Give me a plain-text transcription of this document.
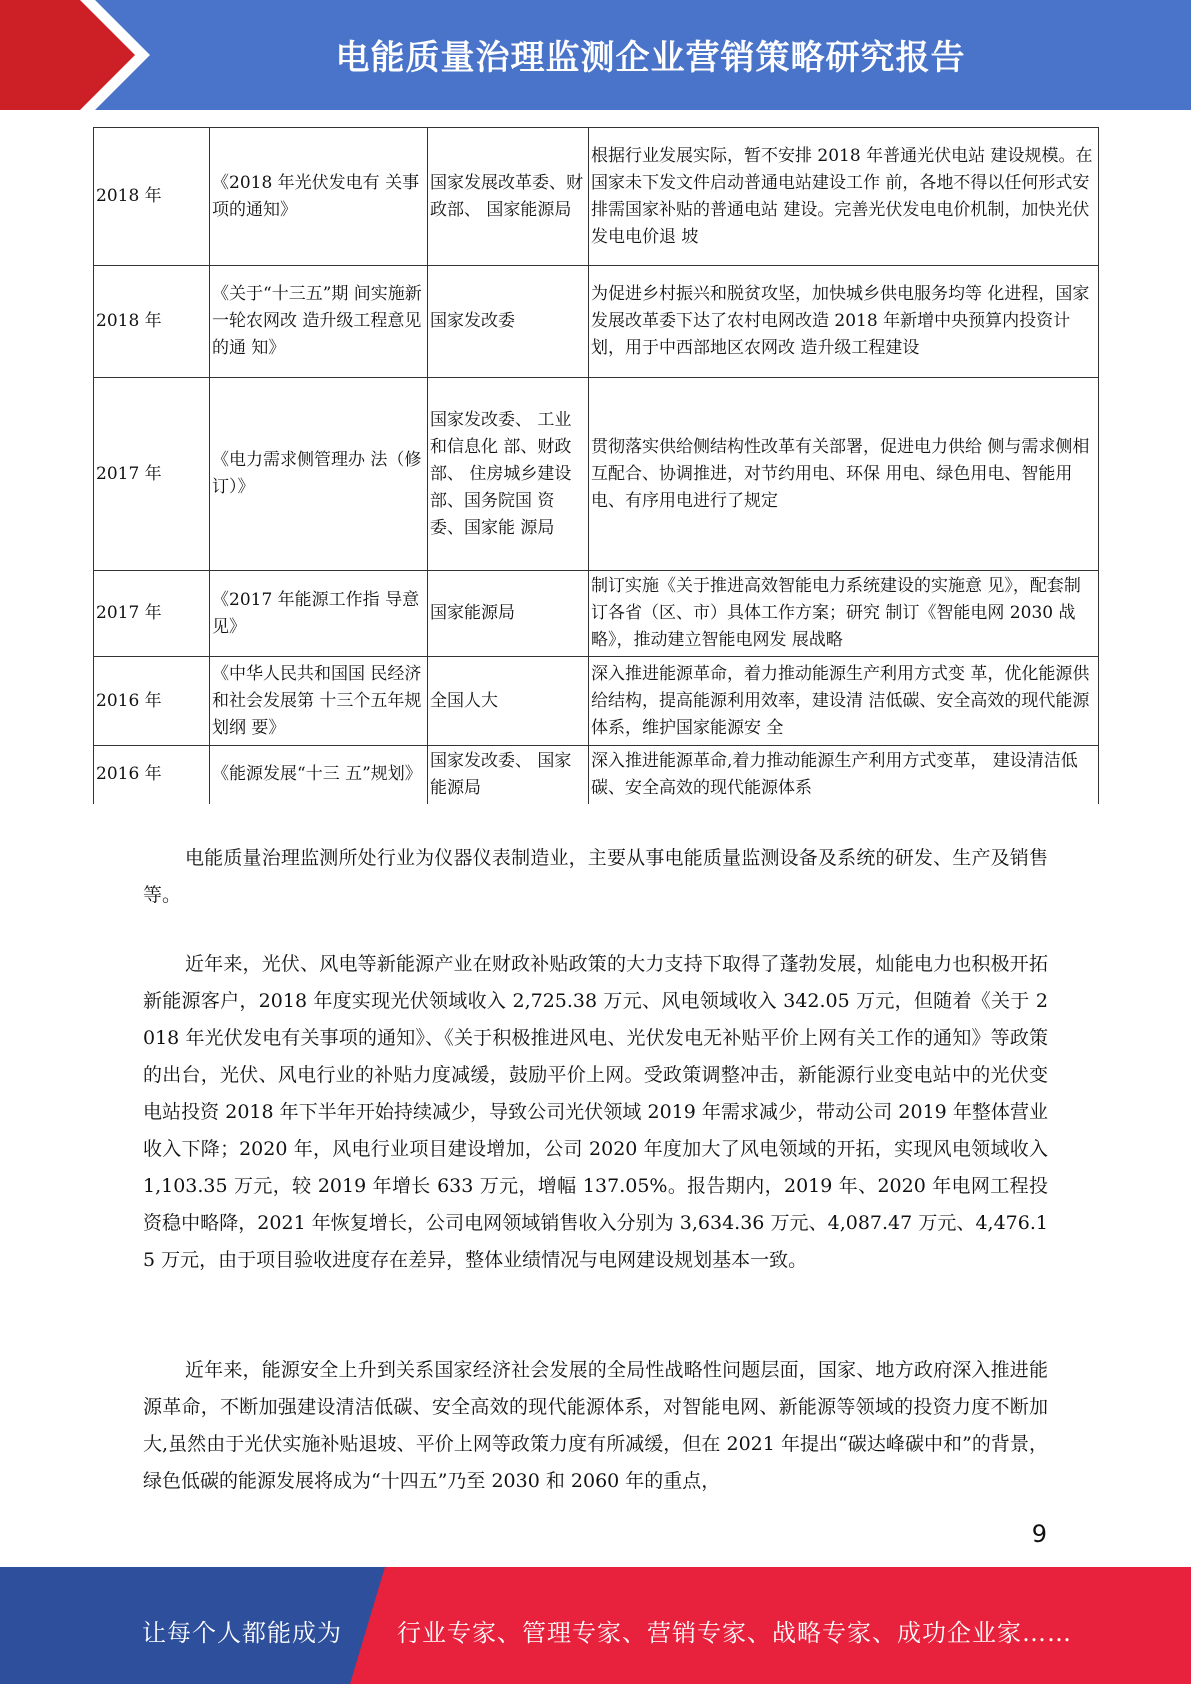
电能质量治理监测企业营销策略研究报告
2018 年	《2018 年光伏发电有 关事项的通知》	国家发展改革委、财政部、 国家能源局	根据行业发展实际，暂不安排 2018 年普通光伏电站 建设规模。在国家未下发文件启动普通电站建设工作 前，各地不得以任何形式安排需国家补贴的普通电站 建设。完善光伏发电电价机制，加快光伏发电电价退 坡
2018 年	《关于“十三五”期 间实施新一轮农网改 造升级工程意见的通 知》	国家发改委	为促进乡村振兴和脱贫攻坚，加快城乡供电服务均等 化进程，国家发展改革委下达了农村电网改造 2018 年新增中央预算内投资计划，用于中西部地区农网改 造升级工程建设
2017 年	《电力需求侧管理办 法（修订）》	国家发改委、 工业和信息化 部、财政部、 住房城乡建设 部、国务院国 资委、国家能 源局	贯彻落实供给侧结构性改革有关部署，促进电力供给 侧与需求侧相互配合、协调推进，对节约用电、环保 用电、绿色用电、智能用电、有序用电进行了规定
2017 年	《2017 年能源工作指 导意见》	国家能源局	制订实施《关于推进高效智能电力系统建设的实施意 见》，配套制订各省（区、市）具体工作方案；研究 制订《智能电网 2030 战略》，推动建立智能电网发 展战略
2016 年	《中华人民共和国国 民经济和社会发展第 十三个五年规划纲 要》	全国人大	深入推进能源革命，着力推动能源生产利用方式变 革，优化能源供给结构，提高能源利用效率，建设清 洁低碳、安全高效的现代能源体系，维护国家能源安 全
2016 年	《能源发展“十三 五”规划》	国家发改委、 国家能源局	深入推进能源革命,着力推动能源生产利用方式变革， 建设清洁低碳、安全高效的现代能源体系

电能质量治理监测所处行业为仪器仪表制造业，主要从事电能质量监测设备及系统的研发、生产及销售等。

近年来，光伏、风电等新能源产业在财政补贴政策的大力支持下取得了蓬勃发展，灿能电力也积极开拓新能源客户，2018 年度实现光伏领域收入 2,725.38 万元、风电领域收入 342.05 万元，但随着《关于 2018 年光伏发电有关事项的通知》、《关于积极推进风电、光伏发电无补贴平价上网有关工作的通知》等政策的出台，光伏、风电行业的补贴力度减缓，鼓励平价上网。受政策调整冲击，新能源行业变电站中的光伏变电站投资 2018 年下半年开始持续减少，导致公司光伏领域 2019 年需求减少，带动公司 2019 年整体营业收入下降；2020 年，风电行业项目建设增加，公司 2020 年度加大了风电领域的开拓，实现风电领域收入 1,103.35 万元，较 2019 年增长 633 万元，增幅 137.05%。报告期内，2019 年、2020 年电网工程投资稳中略降，2021 年恢复增长，公司电网领域销售收入分别为 3,634.36 万元、4,087.47 万元、4,476.15 万元，由于项目验收进度存在差异，整体业绩情况与电网建设规划基本一致。

近年来，能源安全上升到关系国家经济社会发展的全局性战略性问题层面，国家、地方政府深入推进能源革命，不断加强建设清洁低碳、安全高效的现代能源体系，对智能电网、新能源等领域的投资力度不断加大,虽然由于光伏实施补贴退坡、平价上网等政策力度有所减缓，但在 2021 年提出“碳达峰碳中和”的背景，绿色低碳的能源发展将成为“十四五”乃至 2030 和 2060 年的重点，

9
让每个人都能成为 行业专家、管理专家、营销专家、战略专家、成功企业家……
